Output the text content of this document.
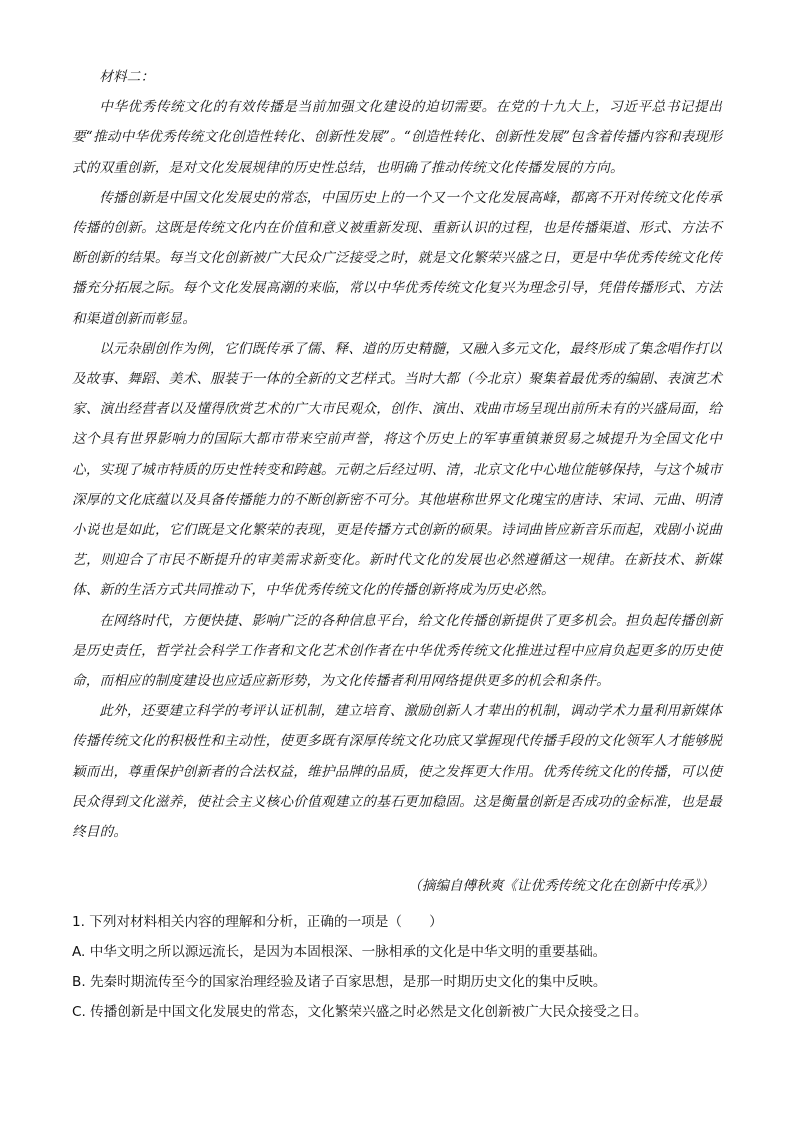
材料二：

中华优秀传统文化的有效传播是当前加强文化建设的迫切需要。在党的十九大上，习近平总书记提出要“推动中华优秀传统文化创造性转化、创新性发展”。“创造性转化、创新性发展”包含着传播内容和表现形式的双重创新，是对文化发展规律的历史性总结，也明确了推动传统文化传播发展的方向。

传播创新是中国文化发展史的常态，中国历史上的一个又一个文化发展高峰，都离不开对传统文化传承传播的创新。这既是传统文化内在价值和意义被重新发现、重新认识的过程，也是传播渠道、形式、方法不断创新的结果。每当文化创新被广大民众广泛接受之时，就是文化繁荣兴盛之日，更是中华优秀传统文化传播充分拓展之际。每个文化发展高潮的来临，常以中华优秀传统文化复兴为理念引导，凭借传播形式、方法和渠道创新而彰显。

以元杂剧创作为例，它们既传承了儒、释、道的历史精髓，又融入多元文化，最终形成了集念唱作打以及故事、舞蹈、美术、服装于一体的全新的文艺样式。当时大都（今北京）聚集着最优秀的编剧、表演艺术家、演出经营者以及懂得欣赏艺术的广大市民观众，创作、演出、戏曲市场呈现出前所未有的兴盛局面，给这个具有世界影响力的国际大都市带来空前声誉，将这个历史上的军事重镇兼贸易之城提升为全国文化中心，实现了城市特质的历史性转变和跨越。元朝之后经过明、清，北京文化中心地位能够保持，与这个城市深厚的文化底蕴以及具备传播能力的不断创新密不可分。其他堪称世界文化瑰宝的唐诗、宋词、元曲、明清小说也是如此，它们既是文化繁荣的表现，更是传播方式创新的硕果。诗词曲皆应新音乐而起，戏剧小说曲艺，则迎合了市民不断提升的审美需求新变化。新时代文化的发展也必然遵循这一规律。在新技术、新媒体、新的生活方式共同推动下，中华优秀传统文化的传播创新将成为历史必然。

在网络时代，方便快捷、影响广泛的各种信息平台，给文化传播创新提供了更多机会。担负起传播创新是历史责任，哲学社会科学工作者和文化艺术创作者在中华优秀传统文化推进过程中应肩负起更多的历史使命，而相应的制度建设也应适应新形势，为文化传播者利用网络提供更多的机会和条件。

此外，还要建立科学的考评认证机制，建立培育、激励创新人才辈出的机制，调动学术力量利用新媒体传播传统文化的积极性和主动性，使更多既有深厚传统文化功底又掌握现代传播手段的文化领军人才能够脱颖而出，尊重保护创新者的合法权益，维护品牌的品质，使之发挥更大作用。优秀传统文化的传播，可以使民众得到文化滋养，使社会主义核心价值观建立的基石更加稳固。这是衡量创新是否成功的金标准，也是最终目的。

（摘编自傅秋爽《让优秀传统文化在创新中传承》）
1. 下列对材料相关内容的理解和分析，正确的一项是（　　）
A. 中华文明之所以源远流长，是因为本固根深、一脉相承的文化是中华文明的重要基础。
B. 先秦时期流传至今的国家治理经验及诸子百家思想，是那一时期历史文化的集中反映。
C. 传播创新是中国文化发展史的常态，文化繁荣兴盛之时必然是文化创新被广大民众接受之日。
